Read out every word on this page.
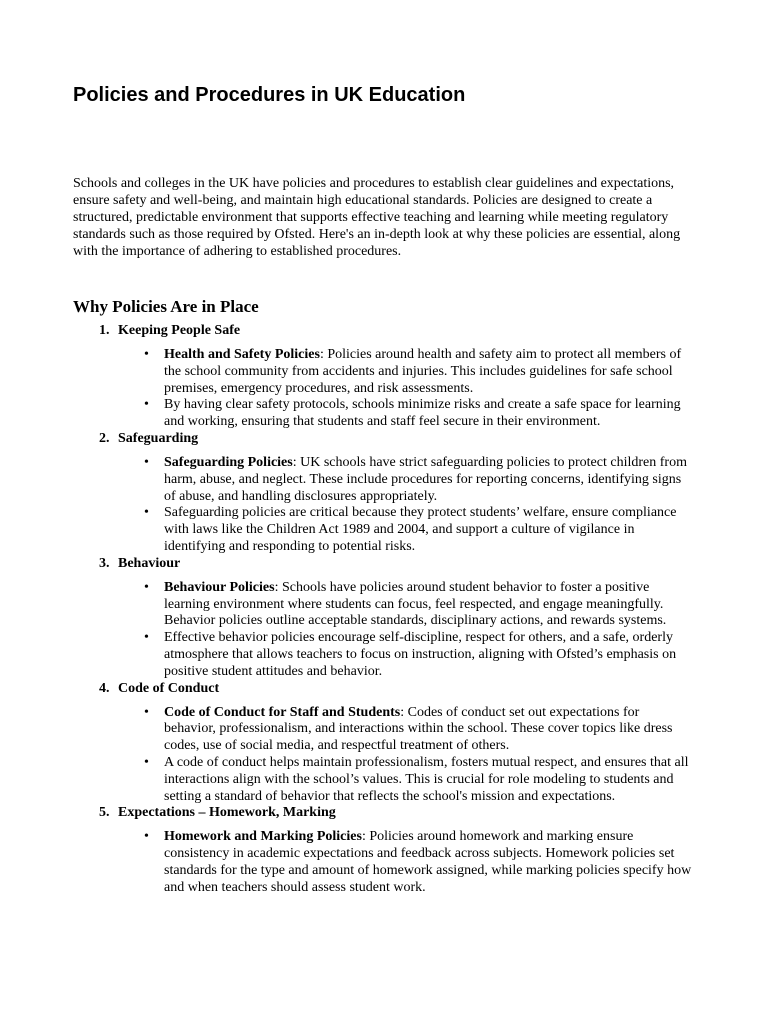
Policies and Procedures in UK Education

Schools and colleges in the UK have policies and procedures to establish clear guidelines and expectations, ensure safety and well-being, and maintain high educational standards. Policies are designed to create a structured, predictable environment that supports effective teaching and learning while meeting regulatory standards such as those required by Ofsted. Here's an in-depth look at why these policies are essential, along with the importance of adhering to established procedures.

Why Policies Are in Place
1. Keeping People Safe
• Health and Safety Policies: Policies around health and safety aim to protect all members of the school community from accidents and injuries. This includes guidelines for safe school premises, emergency procedures, and risk assessments.
• By having clear safety protocols, schools minimize risks and create a safe space for learning and working, ensuring that students and staff feel secure in their environment.
2. Safeguarding
• Safeguarding Policies: UK schools have strict safeguarding policies to protect children from harm, abuse, and neglect. These include procedures for reporting concerns, identifying signs of abuse, and handling disclosures appropriately.
• Safeguarding policies are critical because they protect students’ welfare, ensure compliance with laws like the Children Act 1989 and 2004, and support a culture of vigilance in identifying and responding to potential risks.
3. Behaviour
• Behaviour Policies: Schools have policies around student behavior to foster a positive learning environment where students can focus, feel respected, and engage meaningfully. Behavior policies outline acceptable standards, disciplinary actions, and rewards systems.
• Effective behavior policies encourage self-discipline, respect for others, and a safe, orderly atmosphere that allows teachers to focus on instruction, aligning with Ofsted’s emphasis on positive student attitudes and behavior.
4. Code of Conduct
• Code of Conduct for Staff and Students: Codes of conduct set out expectations for behavior, professionalism, and interactions within the school. These cover topics like dress codes, use of social media, and respectful treatment of others.
• A code of conduct helps maintain professionalism, fosters mutual respect, and ensures that all interactions align with the school’s values. This is crucial for role modeling to students and setting a standard of behavior that reflects the school's mission and expectations.
5. Expectations – Homework, Marking
• Homework and Marking Policies: Policies around homework and marking ensure consistency in academic expectations and feedback across subjects. Homework policies set standards for the type and amount of homework assigned, while marking policies specify how and when teachers should assess student work.
